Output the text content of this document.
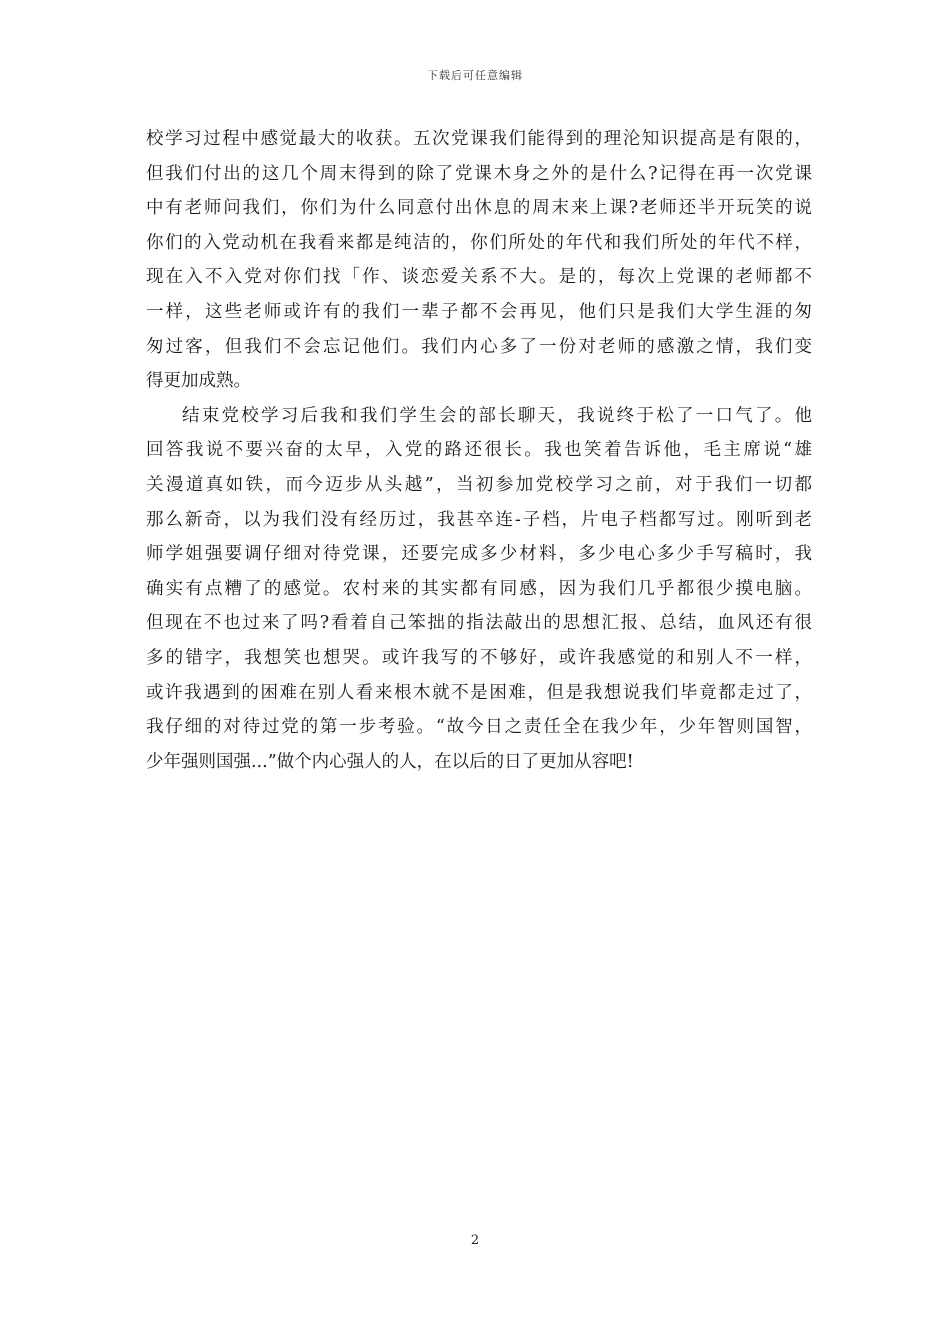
下载后可任意编辑
校学习过程中感觉最大的收获。五次党课我们能得到的理沦知识提高是有限的，
但我们付出的这几个周末得到的除了党课木身之外的是什么?记得在再一次党课
中有老师问我们，你们为什么同意付出休息的周末来上课?老师还半开玩笑的说
你们的入党动机在我看来都是纯洁的，你们所处的年代和我们所处的年代不样，
现在入不入党对你们找「作、谈恋爱关系不大。是的，每次上党课的老师都不
一样，这些老师或许有的我们一辈子都不会再见，他们只是我们大学生涯的匆
匆过客，但我们不会忘记他们。我们内心多了一份对老师的感激之情，我们变
得更加成熟。
结束党校学习后我和我们学生会的部长聊天，我说终于松了一口气了。他
回答我说不要兴奋的太早，入党的路还很长。我也笑着告诉他，毛主席说“雄
关漫道真如铁，而今迈步从头越”，当初参加党校学习之前，对于我们一切都
那么新奇，以为我们没有经历过，我甚卒连-子档，片电子档都写过。刚听到老
师学姐强要调仔细对待党课，还要完成多少材料，多少电心多少手写稿时，我
确实有点糟了的感觉。农村来的其实都有同感，因为我们几乎都很少摸电脑。
但现在不也过来了吗?看着自己笨拙的指法敲出的思想汇报、总结，血风还有很
多的错字，我想笑也想哭。或许我写的不够好，或许我感觉的和别人不一样，
或许我遇到的困难在别人看来根木就不是困难，但是我想说我们毕竟都走过了，
我仔细的对待过党的第一步考验。“故今日之责任全在我少年，少年智则国智，
少年强则国强...”做个内心强人的人，在以后的日了更加从容吧!
2
